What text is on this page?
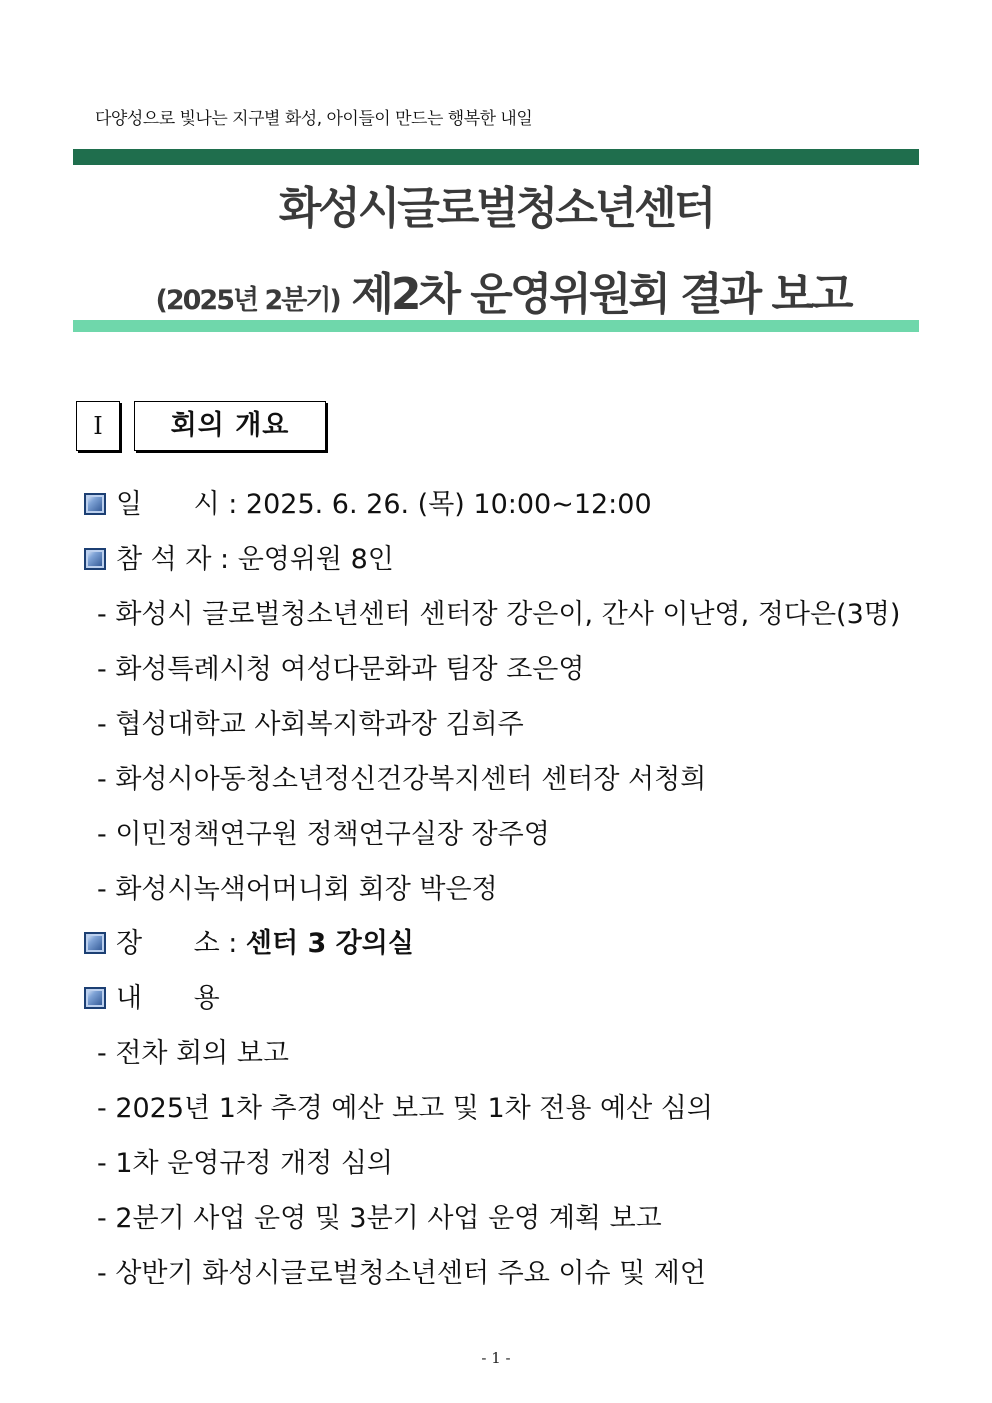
다양성으로 빛나는 지구별 화성, 아이들이 만드는 행복한 내일
화성시글로벌청소년센터
(2025년 2분기) 제2차 운영위원회 결과 보고
Ⅰ	회의 개요
일      시 : 2025. 6. 26. (목) 10:00~12:00
참 석 자 : 운영위원 8인
- 화성시 글로벌청소년센터 센터장 강은이, 간사 이난영, 정다은(3명)
- 화성특례시청 여성다문화과 팀장 조은영
- 협성대학교 사회복지학과장 김희주
- 화성시아동청소년정신건강복지센터 센터장 서청희
- 이민정책연구원 정책연구실장 장주영
- 화성시녹색어머니회 회장 박은정
장      소 : 센터 3 강의실
내      용
- 전차 회의 보고
- 2025년 1차 추경 예산 보고 및 1차 전용 예산 심의
- 1차 운영규정 개정 심의
- 2분기 사업 운영 및 3분기 사업 운영 계획 보고
- 상반기 화성시글로벌청소년센터 주요 이슈 및 제언
- 1 -
